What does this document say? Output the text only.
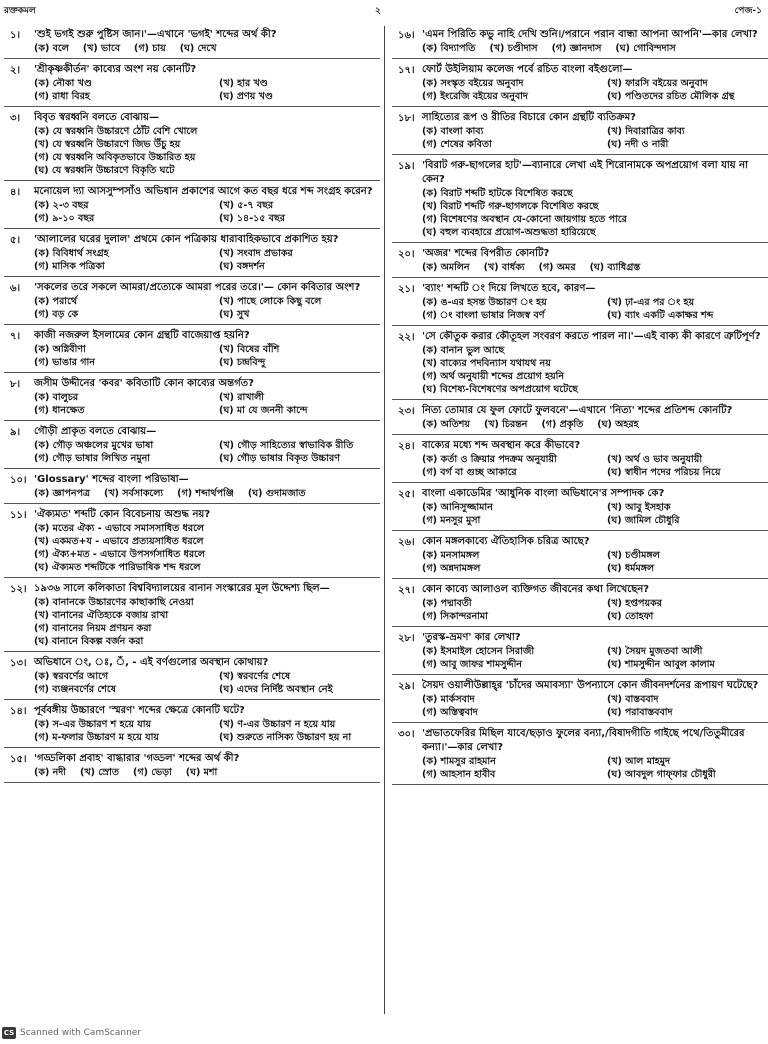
রক্তকমল	২	পেজ-১
১। 'শুই ভগই শুরু পুষ্টিস জান।'—এখানে 'ভগই' শব্দের অর্থ কী?
(ক) বলে (খ) ভাবে (গ) চায় (ঘ) দেখে
২। 'শ্রীকৃষ্ণকীর্তন' কাব্যের অংশ নয় কোনটি?
(ক) নৌকা খণ্ড	(খ) হার খণ্ড
(গ) রাধা বিরহ	(ঘ) প্রণয় খণ্ড
৩। বিবৃত স্বরধ্বনি বলতে বোঝায়—
(ক) যে স্বরধ্বনি উচ্চারণে ঠোঁট বেশি খোলে
(খ) যে স্বরধ্বনি উচ্চারণে জিভ উঁচু হয়
(গ) যে স্বরধ্বনি অবিকৃতভাবে উচ্চারিত হয়
(ঘ) যে স্বরধ্বনি উচ্চারণে বিকৃতি ঘটে
৪। মনোয়েল দ্যা আসসুম্পসাঁও অভিধান প্রকাশের আগে কত বছর ধরে শব্দ সংগ্রহ করেন?
(ক) ২-৩ বছর	(খ) ৫-৭ বছর
(গ) ৯-১০ বছর	(ঘ) ১৪-১৫ বছর
৫। 'আলালের ঘরের দুলাল' প্রথমে কোন পত্রিকায় ধারাবাহিকভাবে প্রকাশিত হয়?
(ক) বিবিধার্থ সংগ্রহ	(খ) সংবাদ প্রভাকর
(গ) মাসিক পত্রিকা	(ঘ) বঙ্গদর্শন
৬। 'সকলের তরে সকলে আমরা/প্রত্যেকে আমরা পরের তরে।'— কোন কবিতার অংশ?
(ক) পরার্থে	(খ) পাছে লোকে কিছু বলে
(গ) বড় কে	(ঘ) সুখ
৭। কাজী নজরুল ইসলামের কোন গ্রন্থটি বাজেয়াপ্ত হয়নি?
(ক) অগ্নিবীণা	(খ) বিষের বাঁশি
(গ) ভাঙার গান	(ঘ) চন্দ্রবিন্দু
৮। জসীম উদ্দীনের 'কবর' কবিতাটি কোন কাব্যের অন্তর্গত?
(ক) বালুচর	(খ) রাখালী
(গ) ধানক্ষেত	(ঘ) মা যে জননী কান্দে
৯। গৌড়ী প্রাকৃত বলতে বোঝায়—
(ক) গৌড় অঞ্চলের মুখের ভাষা	(খ) গৌড় সাহিত্যের স্বাভাবিক রীতি
(গ) গৌড় ভাষার লিখিত নমুনা	(ঘ) গৌড় ভাষার বিকৃত উচ্চারণ
১০। 'Glossary' শব্দের বাংলা পরিভাষা—
(ক) জ্ঞাপনপত্র (খ) সর্বসাকল্যে (গ) শব্দার্থপঞ্জি (ঘ) গুদামজাত
১১। 'ঐক্যমত' শব্দটি কোন বিবেচনায় অশুদ্ধ নয়?
(ক) মতের ঐক্য - এভাবে সমাসসাধিত ধরলে
(খ) একমত+য - এভাবে প্রত্যয়সাধিত ধরলে
(গ) ঐক্য+মত - এভাবে উপসর্গসাধিত ধরলে
(ঘ) ঐক্যমত শব্দটিকে পারিভাষিক শব্দ ধরলে
১২। ১৯৩৬ সালে কলিকাতা বিশ্ববিদ্যালয়ের বানান সংস্কারের মূল উদ্দেশ্য ছিল—
(ক) বানানকে উচ্চারণের কাছাকাছি নেওয়া
(খ) বানানের ঐতিহ্যকে বজায় রাখা
(গ) বানানের নিয়ম প্রণয়ন করা
(ঘ) বানানে বিকল্প বর্জন করা
১৩। অভিধানে ং, ঃ, ঁ, - এই বর্ণগুলোর অবস্থান কোথায়?
(ক) স্বরবর্ণের আগে	(খ) স্বরবর্ণের শেষে
(গ) ব্যঞ্জনবর্ণের শেষে	(ঘ) এদের নির্দিষ্ট অবস্থান নেই
১৪। পূর্ববঙ্গীয় উচ্চারণে 'স্মরণ' শব্দের ক্ষেত্রে কোনটি ঘটে?
(ক) স-এর উচ্চারণ শ হয়ে যায়	(খ) ণ-এর উচ্চারণ ন হয়ে যায়
(গ) ম-ফলার উচ্চারণ ম হয়ে যায়	(ঘ) শুরুতে নাসিক্য উচ্চারণ হয় না
১৫। 'গড্ডলিকা প্রবাহ' বাগ্ধারার 'গড্ডল' শব্দের অর্থ কী?
(ক) নদী (খ) স্রোত (গ) ভেড়া (ঘ) মশা
১৬। 'এমন পিরিতি কভু নাহি দেখি শুনি।/পরানে পরান বান্ধা আপনা আপনি'—কার লেখা?
(ক) বিদ্যাপতি (খ) চণ্ডীদাস (গ) জ্ঞানদাস (ঘ) গোবিন্দদাস
১৭। ফোর্ট উইলিয়াম কলেজ পর্বে রচিত বাংলা বইগুলো—
(ক) সংস্কৃত বইয়ের অনুবাদ	(খ) ফারসি বইয়ের অনুবাদ
(গ) ইংরেজি বইয়ের অনুবাদ	(ঘ) পণ্ডিতদের রচিত মৌলিক গ্রন্থ
১৮। সাহিত্যের রূপ ও রীতির বিচারে কোন গ্রন্থটি ব্যতিক্রম?
(ক) বাংলা কাব্য	(খ) দিবারাত্রির কাব্য
(গ) শেষের কবিতা	(ঘ) নদী ও নারী
১৯। 'বিরাট গরু-ছাগলের হাট'—ব্যানারে লেখা এই শিরোনামকে অপপ্রয়োগ বলা যায় না কেন?
(ক) বিরাট শব্দটি হাটকে বিশেষিত করছে
(খ) বিরাট শব্দটি গরু-ছাগলকে বিশেষিত করছে
(গ) বিশেষণের অবস্থান যে-কোনো জায়গায় হতে পারে
(ঘ) বহুল ব্যবহারে প্রয়োগ-অশুদ্ধতা হারিয়েছে
২০। 'অজর' শব্দের বিপরীত কোনটি?
(ক) অমলিন (খ) বার্ধক্য (গ) অমর (ঘ) ব্যাধিগ্রস্ত
২১। 'ব্যাং' শব্দটি ং দিয়ে লিখতে হবে, কারণ—
(ক) ঙ-এর হসন্ত উচ্চারণ ং হয়	(খ) ঢ়া-এর পর ং হয়
(গ) ং বাংলা ভাষার নিজস্ব বর্ণ	(ঘ) ব্যাং একটি একাক্ষর শব্দ
২২। 'সে কৌতুক করার কৌতূহল সংবরণ করতে পারল না।'—এই বাক্য কী কারণে ত্রুটিপূর্ণ?
(ক) বানান ভুল আছে
(খ) বাক্যের পদবিন্যাস যথাযথ নয়
(গ) অর্থ অনুযায়ী শব্দের প্রয়োগ হয়নি
(ঘ) বিশেষ্য-বিশেষণের অপপ্রয়োগ ঘটেছে
২৩। নিত্য তোমার যে ফুল ফোটে ফুলবনে'—এখানে 'নিত্য' শব্দের প্রতিশব্দ কোনটি?
(ক) অতিশয় (খ) চিরন্তন (গ) প্রকৃতি (ঘ) অহরহ
২৪। বাক্যের মধ্যে শব্দ অবস্থান করে কীভাবে?
(ক) কর্তা ও ক্রিয়ার পদক্রম অনুযায়ী	(খ) অর্থ ও ভাব অনুযায়ী
(গ) বর্গ বা গুচ্ছ আকারে	(ঘ) স্বাধীন পদের পরিচয় নিয়ে
২৫। বাংলা একাডেমির 'আধুনিক বাংলা অভিধানে'র সম্পাদক কে?
(ক) আনিসুজ্জামান	(খ) আবু ইসহাক
(গ) মনসুর মুসা	(ঘ) জামিল চৌধুরি
২৬। কোন মঙ্গলকাব্যে ঐতিহাসিক চরিত্র আছে?
(ক) মনসামঙ্গল	(খ) চণ্ডীমঙ্গল
(গ) অন্নদামঙ্গল	(ঘ) ধর্মমঙ্গল
২৭। কোন কাব্যে আলাওল ব্যক্তিগত জীবনের কথা লিখেছেন?
(ক) পদ্মাবতী	(খ) হপ্তপয়কর
(গ) সিকান্দরনামা	(ঘ) তোহফা
২৮। 'তুরস্ক-ভ্রমণ' কার লেখা?
(ক) ইসমাইল হোসেন সিরাজী	(খ) সৈয়দ মুজতবা আলী
(গ) আবু জাফর শামসুদ্দীন	(ঘ) শামসুদ্দীন আবুল কালাম
২৯। সৈয়দ ওয়ালীউল্লাহ্‌র 'চাঁদের অমাবস্যা' উপন্যাসে কোন জীবনদর্শনের রূপায়ণ ঘটেছে?
(ক) মার্কসবাদ	(খ) বাস্তববাদ
(গ) অস্তিত্ববাদ	(ঘ) পরাবাস্তববাদ
৩০। 'প্রভাতফেরির মিছিল যাবে/ছড়াও ফুলের বন্যা,/বিষাদগীতি গাইছে পথে/তিতুমীরের কন্যা।'—কার লেখা?
(ক) শামসুর রাহমান	(খ) আল মাহমুদ
(গ) আহসান হাবীব	(ঘ) আবদুল গাফ্‌ফার চৌধুরী
CS Scanned with CamScanner
